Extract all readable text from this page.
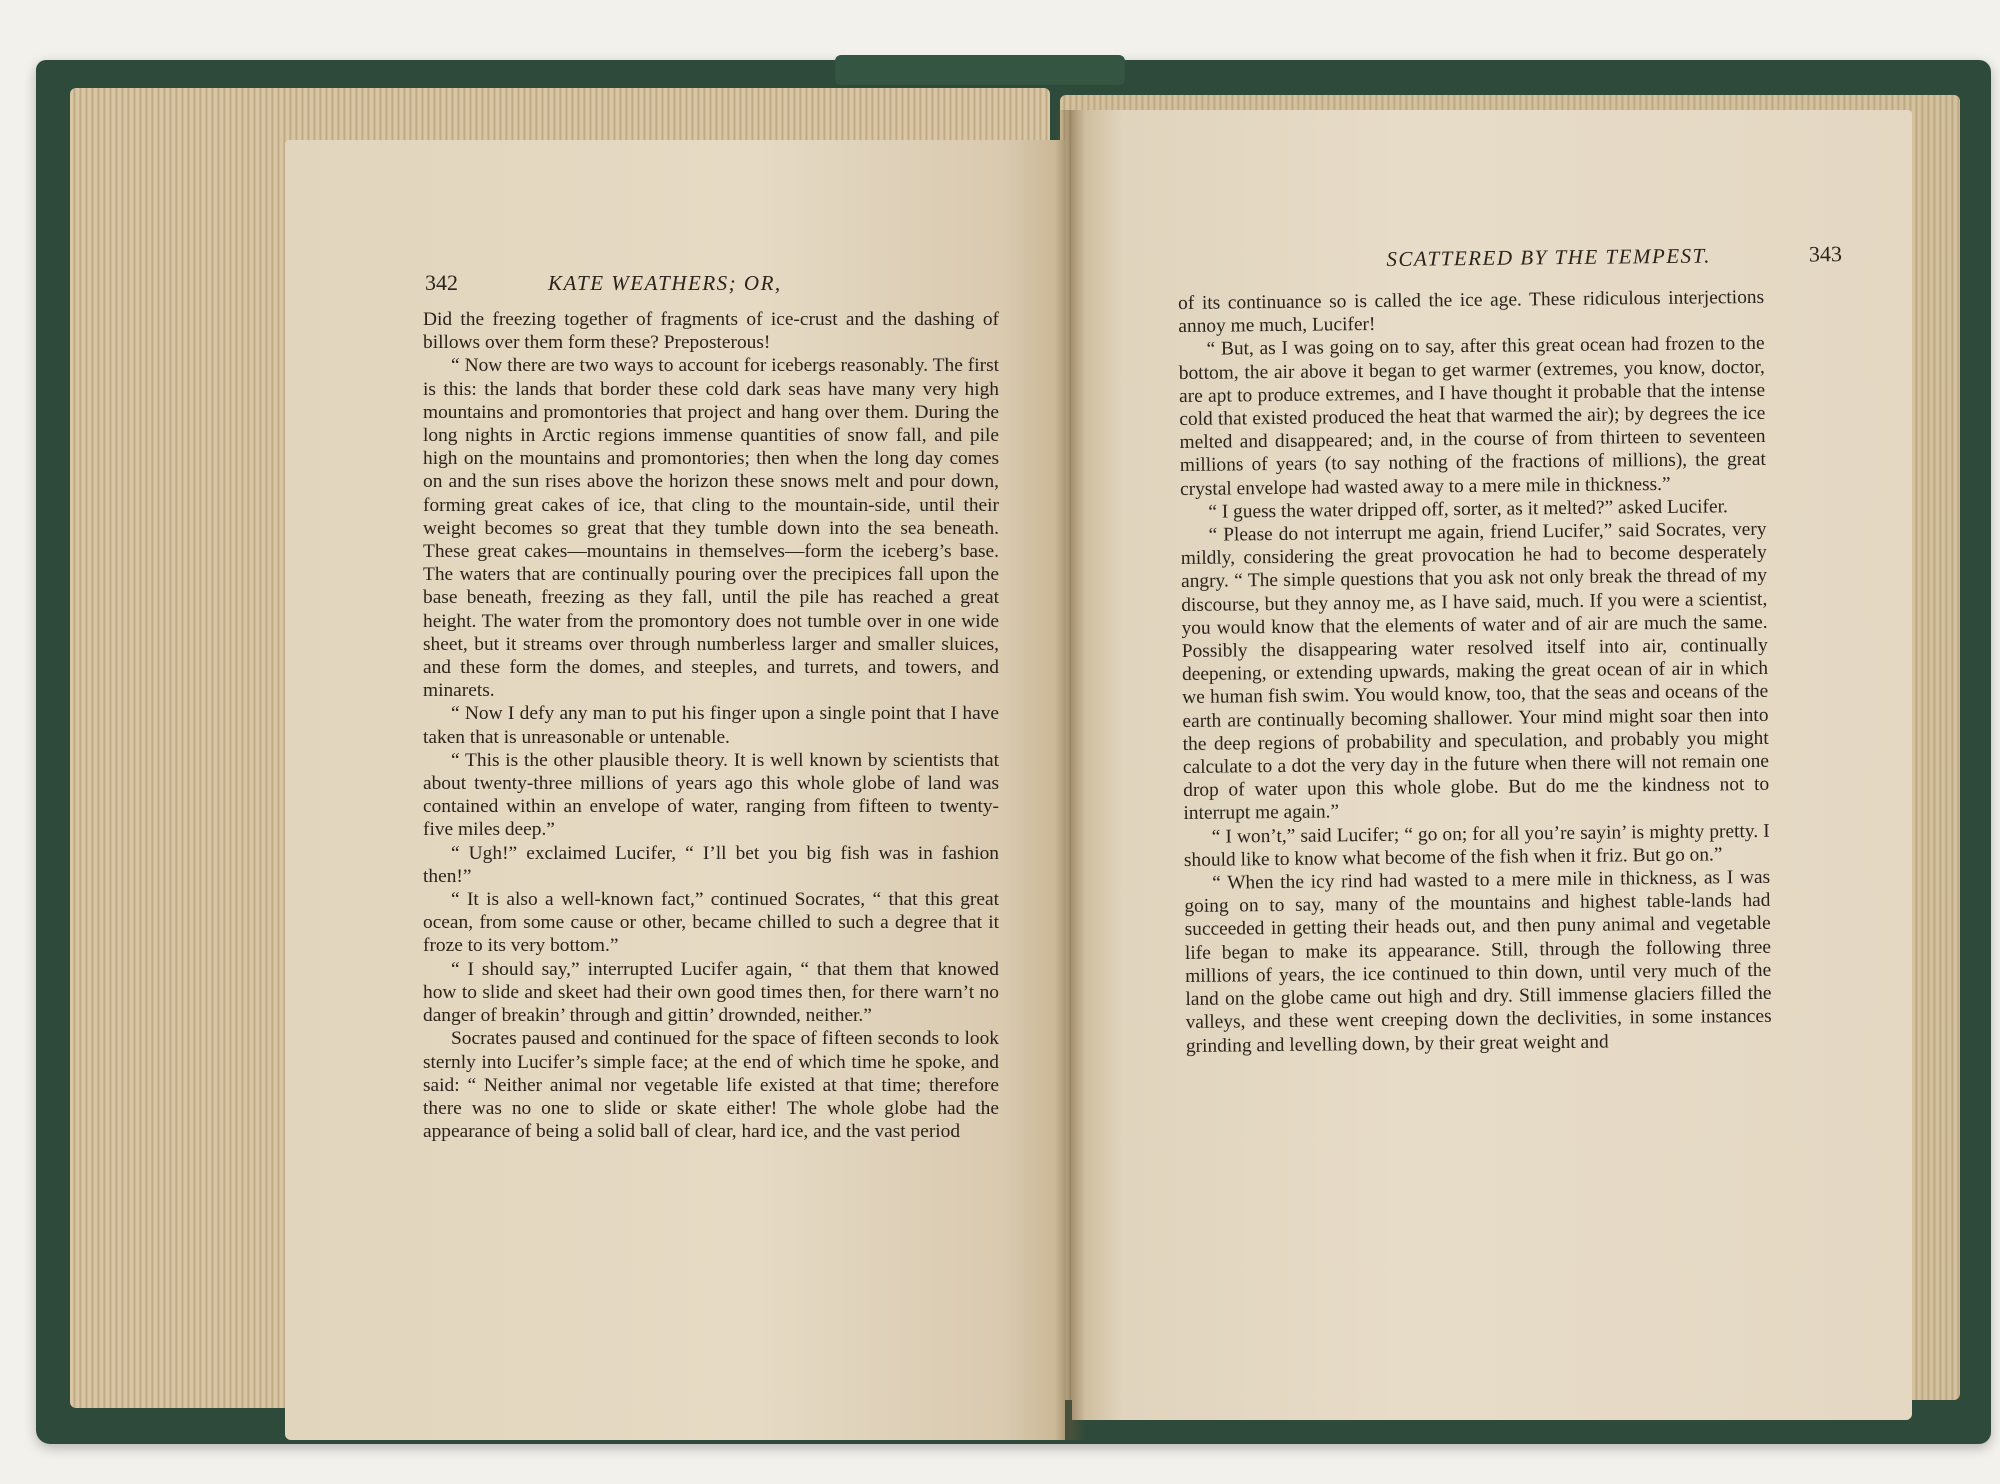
342	KATE WEATHERS; OR,

Did the freezing together of fragments of ice-crust and the dashing of billows over them form these? Preposterous!

“ Now there are two ways to account for icebergs reasonably. The first is this: the lands that border these cold dark seas have many very high mountains and promontories that project and hang over them. During the long nights in Arctic regions immense quantities of snow fall, and pile high on the mountains and promontories; then when the long day comes on and the sun rises above the horizon these snows melt and pour down, forming great cakes of ice, that cling to the mountain-side, until their weight becomes so great that they tumble down into the sea beneath. These great cakes—mountains in themselves—form the iceberg’s base. The waters that are continually pouring over the precipices fall upon the base beneath, freezing as they fall, until the pile has reached a great height. The water from the promontory does not tumble over in one wide sheet, but it streams over through numberless larger and smaller sluices, and these form the domes, and steeples, and turrets, and towers, and minarets.

“ Now I defy any man to put his finger upon a single point that I have taken that is unreasonable or untenable.

“ This is the other plausible theory. It is well known by scientists that about twenty-three millions of years ago this whole globe of land was contained within an envelope of water, ranging from fifteen to twenty-five miles deep.”

“ Ugh!” exclaimed Lucifer, “ I’ll bet you big fish was in fashion then!”

“ It is also a well-known fact,” continued Socrates, “ that this great ocean, from some cause or other, became chilled to such a degree that it froze to its very bottom.”

“ I should say,” interrupted Lucifer again, “ that them that knowed how to slide and skeet had their own good times then, for there warn’t no danger of breakin’ through and gittin’ drownded, neither.”

Socrates paused and continued for the space of fifteen seconds to look sternly into Lucifer’s simple face; at the end of which time he spoke, and said: “ Neither animal nor vegetable life existed at that time; therefore there was no one to slide or skate either! The whole globe had the appearance of being a solid ball of clear, hard ice, and the vast period

SCATTERED BY THE TEMPEST.	343

of its continuance so is called the ice age. These ridiculous interjections annoy me much, Lucifer!

“ But, as I was going on to say, after this great ocean had frozen to the bottom, the air above it began to get warmer (extremes, you know, doctor, are apt to produce extremes, and I have thought it probable that the intense cold that existed produced the heat that warmed the air); by degrees the ice melted and disappeared; and, in the course of from thirteen to seventeen millions of years (to say nothing of the fractions of millions), the great crystal envelope had wasted away to a mere mile in thickness.”

“ I guess the water dripped off, sorter, as it melted?” asked Lucifer.

“ Please do not interrupt me again, friend Lucifer,” said Socrates, very mildly, considering the great provocation he had to become desperately angry. “ The simple questions that you ask not only break the thread of my discourse, but they annoy me, as I have said, much. If you were a scientist, you would know that the elements of water and of air are much the same. Possibly the disappearing water resolved itself into air, continually deepening, or extending upwards, making the great ocean of air in which we human fish swim. You would know, too, that the seas and oceans of the earth are continually becoming shallower. Your mind might soar then into the deep regions of probability and speculation, and probably you might calculate to a dot the very day in the future when there will not remain one drop of water upon this whole globe. But do me the kindness not to interrupt me again.”

“ I won’t,” said Lucifer; “ go on; for all you’re sayin’ is mighty pretty. I should like to know what become of the fish when it friz. But go on.”

“ When the icy rind had wasted to a mere mile in thickness, as I was going on to say, many of the mountains and highest table-lands had succeeded in getting their heads out, and then puny animal and vegetable life began to make its appearance. Still, through the following three millions of years, the ice continued to thin down, until very much of the land on the globe came out high and dry. Still immense glaciers filled the valleys, and these went creeping down the declivities, in some instances grinding and levelling down, by their great weight and
